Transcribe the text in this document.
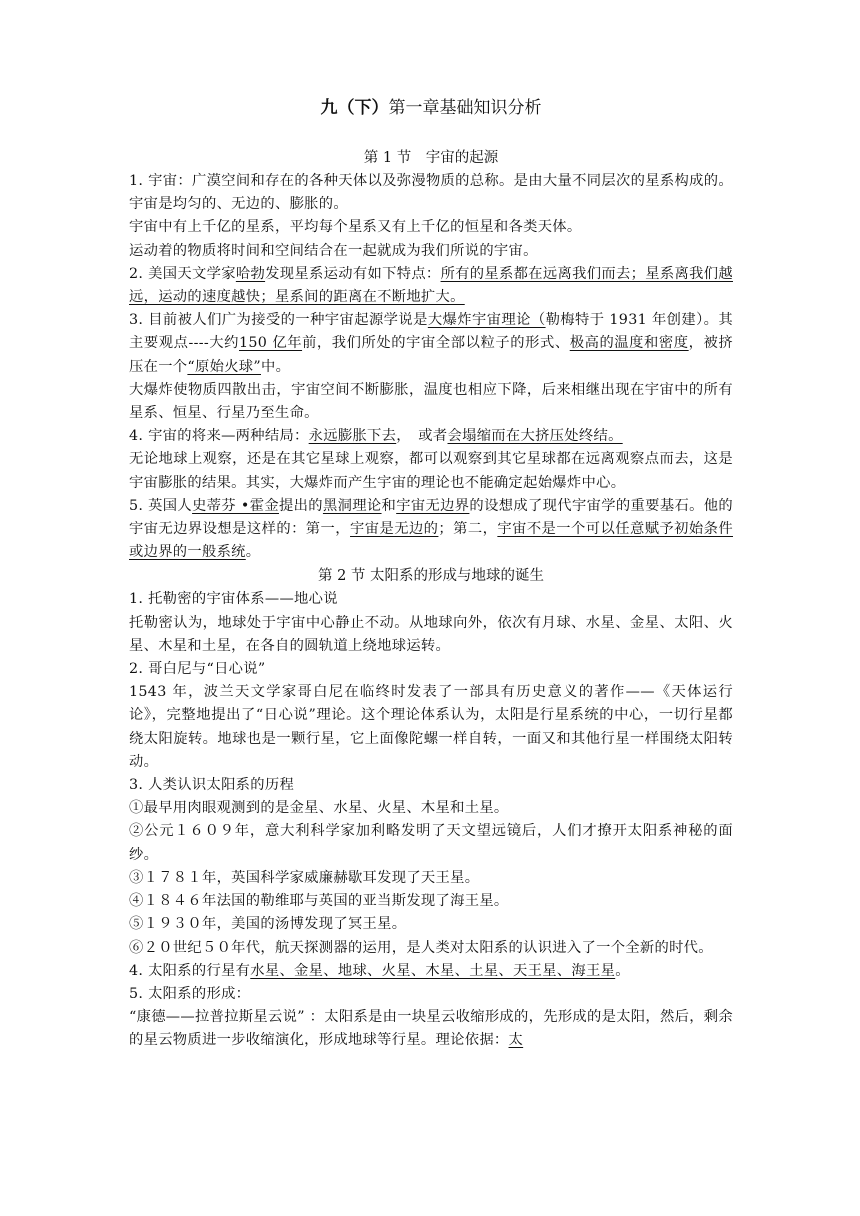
九（下）第一章基础知识分析
第 1 节　宇宙的起源

1. 宇宙：广漠空间和存在的各种天体以及弥漫物质的总称。是由大量不同层次的星系构成的。宇宙是均匀的、无边的、膨胀的。

宇宙中有上千亿的星系，平均每个星系又有上千亿的恒星和各类天体。

运动着的物质将时间和空间结合在一起就成为我们所说的宇宙。

2. 美国天文学家哈勃发现星系运动有如下特点：所有的星系都在远离我们而去；星系离我们越远，运动的速度越快；星系间的距离在不断地扩大。

3. 目前被人们广为接受的一种宇宙起源学说是大爆炸宇宙理论（勒梅特于 1931 年创建）。其主要观点----大约150 亿年前，我们所处的宇宙全部以粒子的形式、极高的温度和密度，被挤压在一个“原始火球”中。

大爆炸使物质四散出击，宇宙空间不断膨胀，温度也相应下降，后来相继出现在宇宙中的所有星系、恒星、行星乃至生命。

4. 宇宙的将来—两种结局：永远膨胀下去，　或者会塌缩而在大挤压处终结。

无论地球上观察，还是在其它星球上观察，都可以观察到其它星球都在远离观察点而去，这是宇宙膨胀的结果。其实，大爆炸而产生宇宙的理论也不能确定起始爆炸中心。

5. 英国人史蒂芬 •霍金提出的黑洞理论和宇宙无边界的设想成了现代宇宙学的重要基石。他的宇宙无边界设想是这样的：第一，宇宙是无边的；第二，宇宙不是一个可以任意赋予初始条件或边界的一般系统。

第 2 节 太阳系的形成与地球的诞生

1. 托勒密的宇宙体系——地心说

托勒密认为，地球处于宇宙中心静止不动。从地球向外，依次有月球、水星、金星、太阳、火星、木星和土星，在各自的圆轨道上绕地球运转。

2. 哥白尼与“日心说”

1543 年，波兰天文学家哥白尼在临终时发表了一部具有历史意义的著作——《天体运行论》，完整地提出了“日心说”理论。这个理论体系认为，太阳是行星系统的中心，一切行星都绕太阳旋转。地球也是一颗行星，它上面像陀螺一样自转，一面又和其他行星一样围绕太阳转动。

3. 人类认识太阳系的历程

①最早用肉眼观测到的是金星、水星、火星、木星和土星。

②公元１６０９年，意大利科学家加利略发明了天文望远镜后，人们才撩开太阳系神秘的面纱。

③１７８１年，英国科学家威廉赫歇耳发现了天王星。

④１８４６年法国的勒维耶与英国的亚当斯发现了海王星。

⑤１９３０年，美国的汤博发现了冥王星。

⑥２０世纪５０年代，航天探测器的运用，是人类对太阳系的认识进入了一个全新的时代。

4. 太阳系的行星有水星、金星、地球、火星、木星、土星、天王星、海王星。

5. 太阳系的形成：

“康德——拉普拉斯星云说” ：太阳系是由一块星云收缩形成的，先形成的是太阳，然后，剩余的星云物质进一步收缩演化，形成地球等行星。理论依据：太
